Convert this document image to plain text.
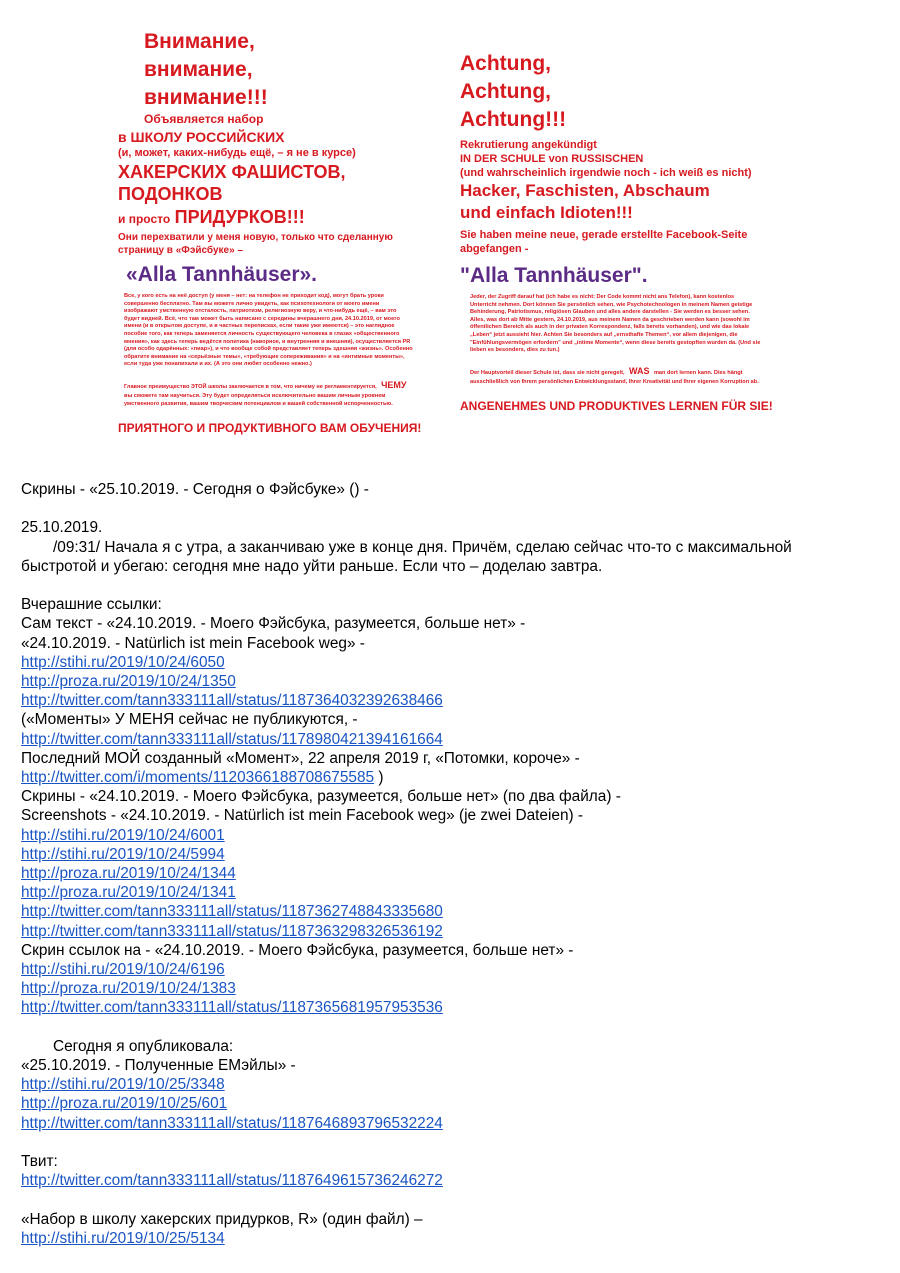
Внимание,
внимание,
внимание!!!
Объявляется набор
в ШКОЛУ РОССИЙСКИХ
(и, может, каких-нибудь ещё, – я не в курсе)
ХАКЕРСКИХ ФАШИСТОВ,
ПОДОНКОВ
и просто ПРИДУРКОВ!!!
Они перехватили у меня новую, только что сделанную
страницу в «Фэйсбуке» –
«Alla Tannhäuser».
Все, у кого есть на неё доступ (у меня – нет: на телефон не приходит код), могут брать уроки
совершенно бесплатно. Там вы можете лично увидеть, как психотехнологи от моего имени
изображают умственную отсталость, патриотизм, религиозную веру, и что-нибудь ещё, – вам это
будет видней. Всё, что там может быть написано с середины вчерашнего дня, 24.10.2019, от моего
имени (и в открытом доступе, и в частных переписках, если такие уже имеются) – это наглядное
пособие того, как теперь заменяется личность существующего человека в глазах «общественного
мнения», как здесь теперь ведётся политика (наворное, и внутренняя и внешняя), осуществляется PR
(для особо одарённых: «пиар»), и что вообще собой представляет теперь здешняя «жизнь». Особенно
обратите внимание на «серьёзные темы», «требующие сопереживания» и на «интимные моменты»,
если туда уже понапихали и их. (А это они любят особенно нежно.)
Главное преимущество ЭТОЙ школы заключается в том, что ничему не регламентируется, ЧЕМУ
вы сможете там научиться. Эту будет определяться исключительно вашим личным уровнем
умственного развития, вашим творческим потенциалом и вашей собственной испорченностью.
ПРИЯТНОГО И ПРОДУКТИВНОГО ВАМ ОБУЧЕНИЯ!
Achtung,
Achtung,
Achtung!!!
Rekrutierung angekündigt
IN DER SCHULE von RUSSISCHEN
(und wahrscheinlich irgendwie noch - ich weiß es nicht)
Hacker, Faschisten, Abschaum
und einfach Idioten!!!
Sie haben meine neue, gerade erstellte Facebook-Seite
abgefangen -
"Alla Tannhäuser".
Jeder, der Zugriff darauf hat (ich habe es nicht: Der Code kommt nicht ans Telefon), kann kostenlos
Unterricht nehmen. Dort können Sie persönlich sehen, wie Psychotechnologen in meinem Namen geistige
Behinderung, Patriotismus, religiösen Glauben und alles andere darstellen - Sie werden es besser sehen.
Alles, was dort ab Mitte gestern, 24.10.2019, aus meinem Namen da geschrieben werden kann (sowohl im
öffentlichen Bereich als auch in der privaten Korrespondenz, falls bereits vorhanden), und wie das lokale
„Leben“ jetzt aussieht hier. Achten Sie besonders auf „ernsthafte Themen“, vor allem diejenigen, die
"Einfühlungsvermögen erfordern" und „intime Momente“, wenn diese bereits gestopften wurden da. (Und sie
lieben es besonders, dies zu tun.)
Der Hauptvorteil dieser Schule ist, dass sie nicht geregelt, WAS man dort lernen kann. Dies hängt
ausschließlich von Ihrem persönlichen Entwicklungsstand, Ihrer Kreativität und Ihrer eigenen Korruption ab.
ANGENEHMES UND PRODUKTIVES LERNEN FÜR SIE!
Скрины - «25.10.2019. - Сегодня о Фэйсбуке» () -
25.10.2019.
/09:31/ Начала я с утра, а заканчиваю уже в конце дня. Причём, сделаю сейчас что-то с максимальной
быстротой и убегаю: сегодня мне надо уйти раньше. Если что – доделаю завтра.
Вчерашние ссылки:
Сам текст - «24.10.2019. - Моего Фэйсбука, разумеется, больше нет» -
«24.10.2019. - Natürlich ist mein Facebook weg» -
http://stihi.ru/2019/10/24/6050
http://proza.ru/2019/10/24/1350
http://twitter.com/tann333111all/status/1187364032392638466
(«Моменты» У МЕНЯ сейчас не публикуются, -
http://twitter.com/tann333111all/status/1178980421394161664
Последний МОЙ созданный «Момент», 22 апреля 2019 г, «Потомки, короче» -
http://twitter.com/i/moments/1120366188708675585 )
Скрины - «24.10.2019. - Моего Фэйсбука, разумеется, больше нет» (по два файла) -
Screenshots - «24.10.2019. - Natürlich ist mein Facebook weg» (je zwei Dateien) -
http://stihi.ru/2019/10/24/6001
http://stihi.ru/2019/10/24/5994
http://proza.ru/2019/10/24/1344
http://proza.ru/2019/10/24/1341
http://twitter.com/tann333111all/status/1187362748843335680
http://twitter.com/tann333111all/status/1187363298326536192
Скрин ссылок на - «24.10.2019. - Моего Фэйсбука, разумеется, больше нет» -
http://stihi.ru/2019/10/24/6196
http://proza.ru/2019/10/24/1383
http://twitter.com/tann333111all/status/1187365681957953536
Сегодня я опубликовала:
«25.10.2019. - Полученные ЕМэйлы» -
http://stihi.ru/2019/10/25/3348
http://proza.ru/2019/10/25/601
http://twitter.com/tann333111all/status/1187646893796532224
Твит:
http://twitter.com/tann333111all/status/1187649615736246272
«Набор в школу хакерских придурков, R» (один файл) –
http://stihi.ru/2019/10/25/5134
